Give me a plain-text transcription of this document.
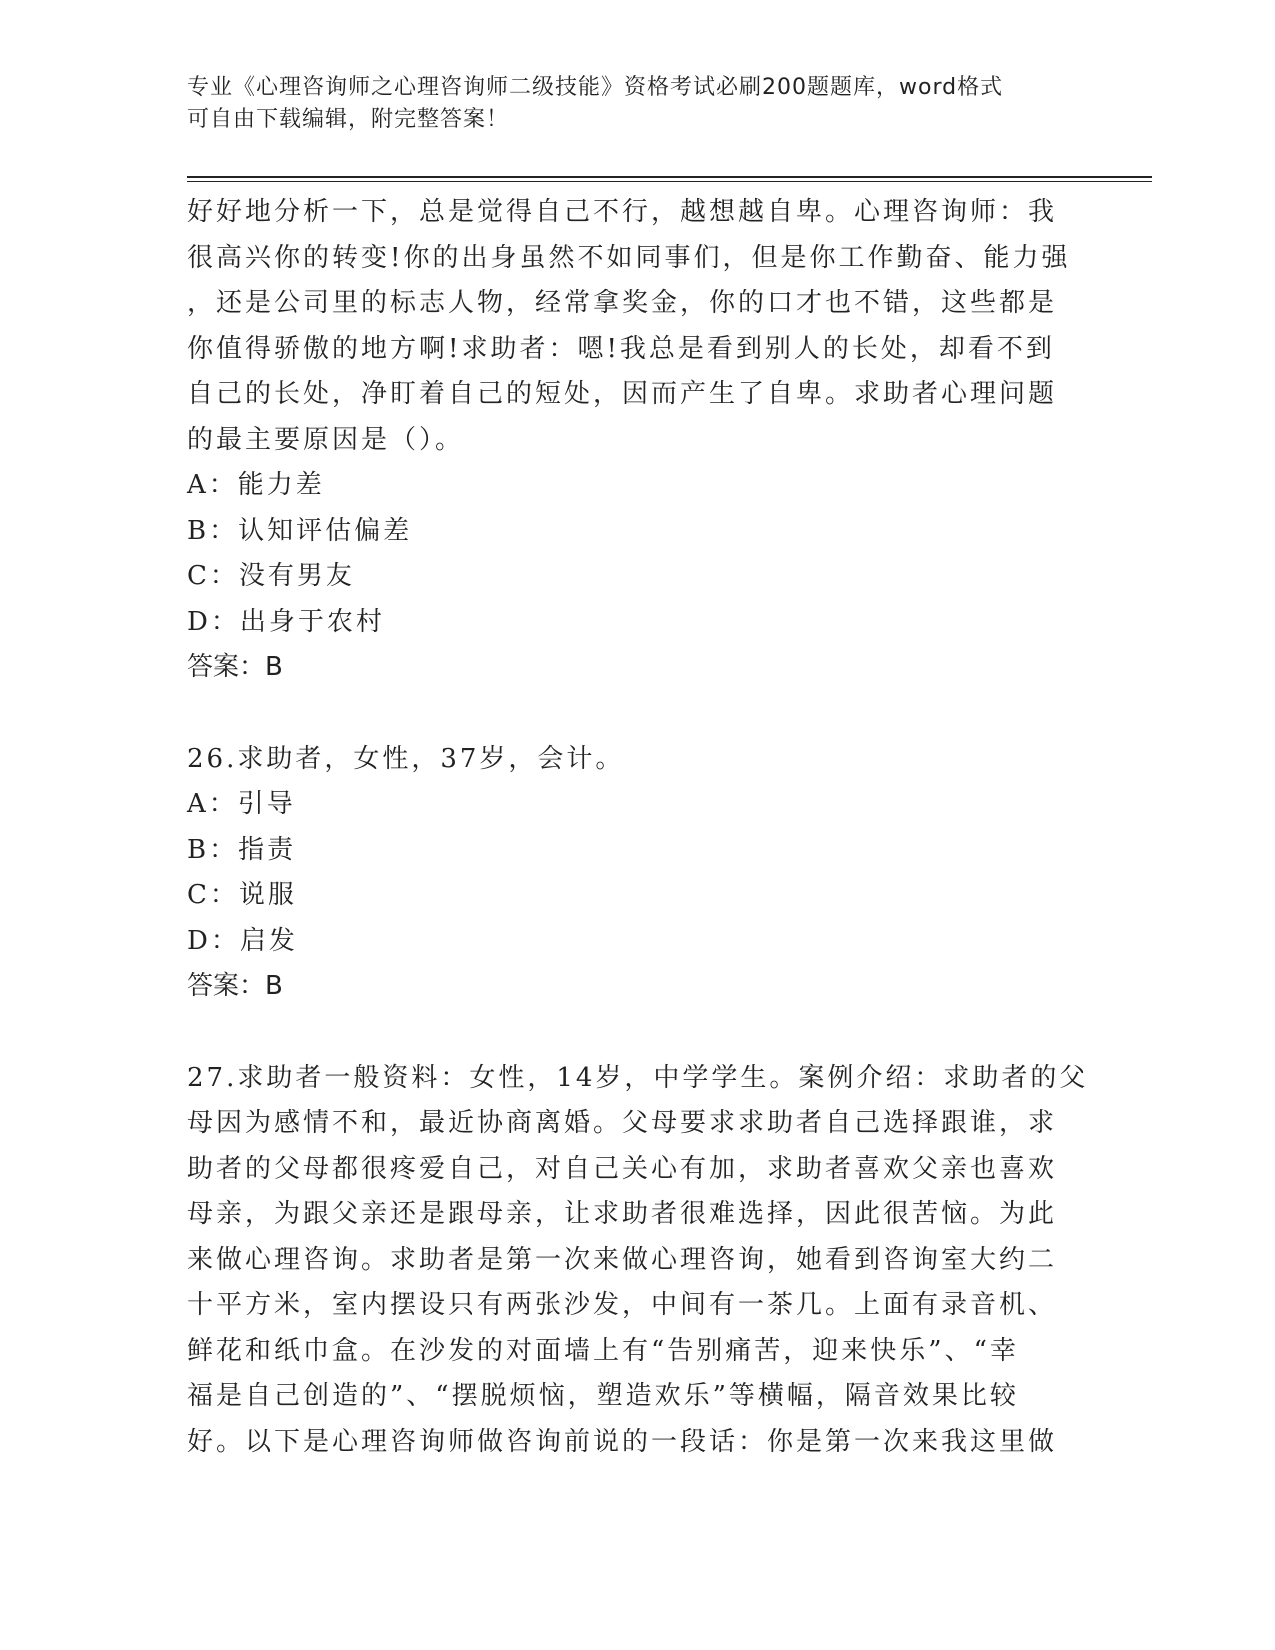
专业《心理咨询师之心理咨询师二级技能》资格考试必刷200题题库，word格式
可自由下载编辑，附完整答案！
好好地分析一下，总是觉得自己不行，越想越自卑。心理咨询师：我
很高兴你的转变!你的出身虽然不如同事们，但是你工作勤奋、能力强
，还是公司里的标志人物，经常拿奖金，你的口才也不错，这些都是
你值得骄傲的地方啊!求助者：嗯!我总是看到别人的长处，却看不到
自己的长处，净盯着自己的短处，因而产生了自卑。求助者心理问题
的最主要原因是（）。
A：能力差
B：认知评估偏差
C：没有男友
D：出身于农村
答案：B
26.求助者，女性，37岁，会计。
A：引导
B：指责
C：说服
D：启发
答案：B
27.求助者一般资料：女性，14岁，中学学生。案例介绍：求助者的父
母因为感情不和，最近协商离婚。父母要求求助者自己选择跟谁，求
助者的父母都很疼爱自己，对自己关心有加，求助者喜欢父亲也喜欢
母亲，为跟父亲还是跟母亲，让求助者很难选择，因此很苦恼。为此
来做心理咨询。求助者是第一次来做心理咨询，她看到咨询室大约二
十平方米，室内摆设只有两张沙发，中间有一茶几。上面有录音机、
鲜花和纸巾盒。在沙发的对面墙上有“告别痛苦，迎来快乐”、“幸
福是自己创造的”、“摆脱烦恼，塑造欢乐”等横幅，隔音效果比较
好。以下是心理咨询师做咨询前说的一段话：你是第一次来我这里做
